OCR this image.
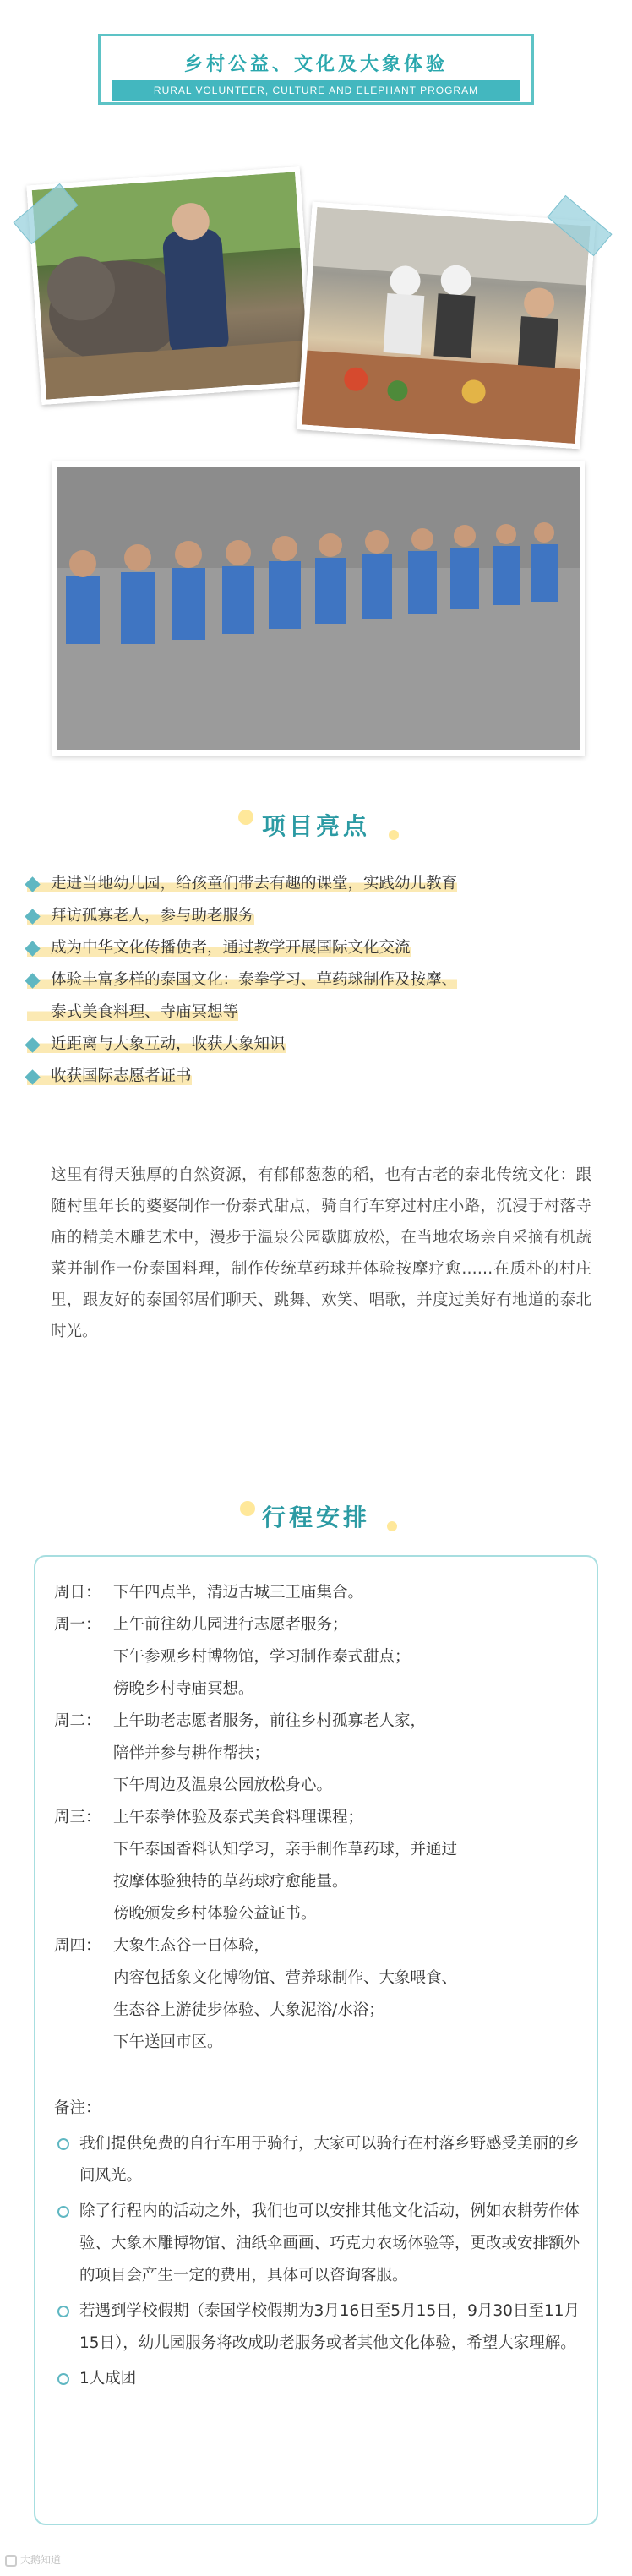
乡村公益、文化及大象体验
RURAL VOLUNTEER, CULTURE AND ELEPHANT PROGRAM
项目亮点
走进当地幼儿园，给孩童们带去有趣的课堂，实践幼儿教育
拜访孤寡老人，参与助老服务
成为中华文化传播使者，通过教学开展国际文化交流
体验丰富多样的泰国文化：泰拳学习、草药球制作及按摩、
泰式美食料理、寺庙冥想等
近距离与大象互动，收获大象知识
收获国际志愿者证书
这里有得天独厚的自然资源，有郁郁葱葱的稻，也有古老的泰北传统文化：跟随村里年长的婆婆制作一份泰式甜点，骑自行车穿过村庄小路，沉浸于村落寺庙的精美木雕艺术中，漫步于温泉公园歇脚放松，在当地农场亲自采摘有机蔬菜并制作一份泰国料理，制作传统草药球并体验按摩疗愈……在质朴的村庄里，跟友好的泰国邻居们聊天、跳舞、欢笑、唱歌，并度过美好有地道的泰北时光。
行程安排
周日： 下午四点半，清迈古城三王庙集合。
周一： 上午前往幼儿园进行志愿者服务；
下午参观乡村博物馆，学习制作泰式甜点；
傍晚乡村寺庙冥想。
周二： 上午助老志愿者服务，前往乡村孤寡老人家，
陪伴并参与耕作帮扶；
下午周边及温泉公园放松身心。
周三： 上午泰拳体验及泰式美食料理课程；
下午泰国香料认知学习，亲手制作草药球，并通过
按摩体验独特的草药球疗愈能量。
傍晚颁发乡村体验公益证书。
周四： 大象生态谷一日体验，
内容包括象文化博物馆、营养球制作、大象喂食、
生态谷上游徒步体验、大象泥浴/水浴；
下午送回市区。
备注：
我们提供免费的自行车用于骑行，大家可以骑行在村落乡野感受美丽的乡间风光。
除了行程内的活动之外，我们也可以安排其他文化活动，例如农耕劳作体验、大象木雕博物馆、油纸伞画画、巧克力农场体验等，更改或安排额外的项目会产生一定的费用，具体可以咨询客服。
若遇到学校假期（泰国学校假期为3月16日至5月15日，9月30日至11月15日），幼儿园服务将改成助老服务或者其他文化体验，希望大家理解。
1人成团
大鹅知道
